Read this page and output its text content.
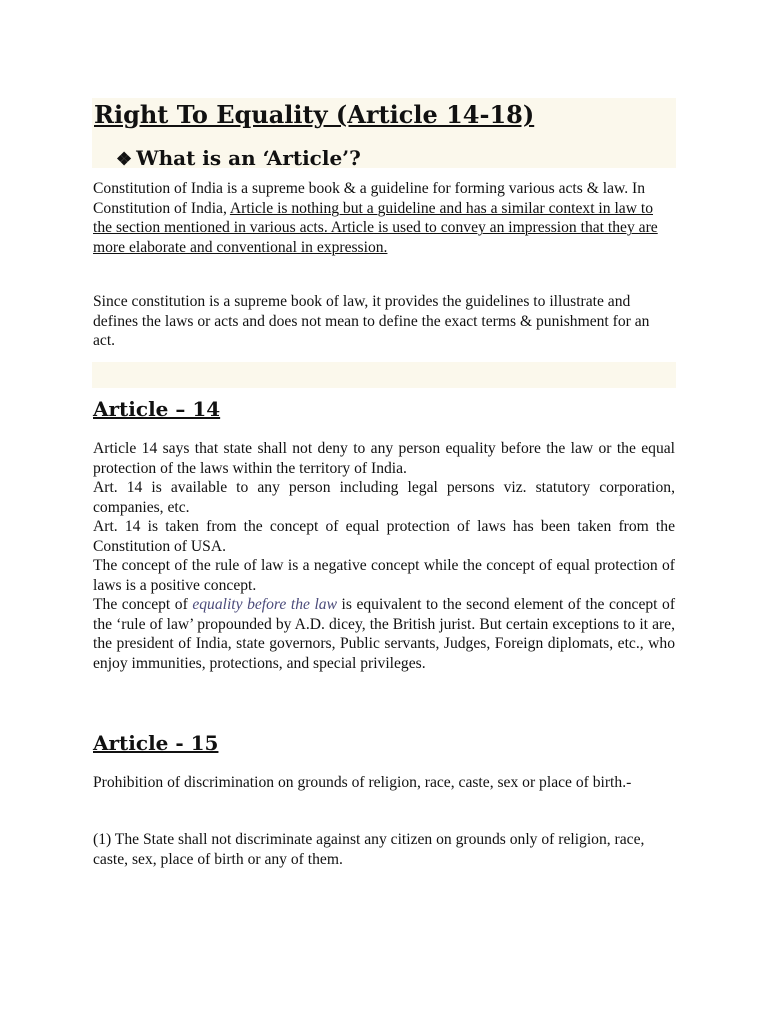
Right To Equality (Article 14-18)
❖ What is an ‘Article’?

Constitution of India is a supreme book & a guideline for forming various acts & law. In Constitution of India, Article is nothing but a guideline and has a similar context in law to the section mentioned in various acts. Article is used to convey an impression that they are more elaborate and conventional in expression.

Since constitution is a supreme book of law, it provides the guidelines to illustrate and defines the laws or acts and does not mean to define the exact terms & punishment for an act.

Article – 14

Article 14 says that state shall not deny to any person equality before the law or the equal protection of the laws within the territory of India.

Art. 14 is available to any person including legal persons viz. statutory corporation, companies, etc.

Art. 14 is taken from the concept of equal protection of laws has been taken from the Constitution of USA.

The concept of the rule of law is a negative concept while the concept of equal protection of laws is a positive concept.

The concept of equality before the law is equivalent to the second element of the concept of the ‘rule of law’ propounded by A.D. dicey, the British jurist. But certain exceptions to it are, the president of India, state governors, Public servants, Judges, Foreign diplomats, etc., who enjoy immunities, protections, and special privileges.

Article - 15

Prohibition of discrimination on grounds of religion, race, caste, sex or place of birth.-

(1) The State shall not discriminate against any citizen on grounds only of religion, race, caste, sex, place of birth or any of them.
